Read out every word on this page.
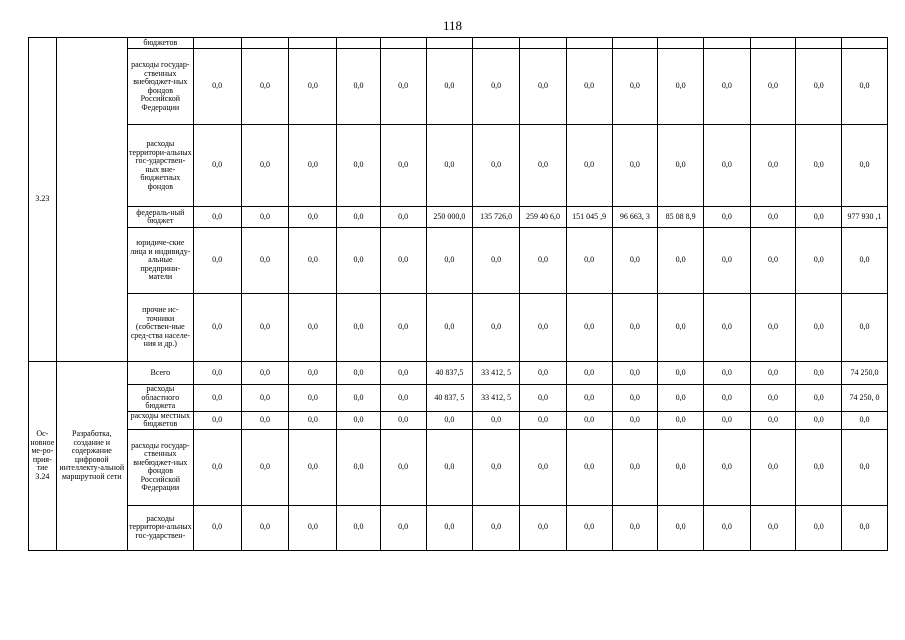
118
3.23		бюджетов															
		расходы государ-ственных внебюджет-ных фондов Российской Федерации	0,0	0,0	0,0	0,0	0,0	0,0	0,0	0,0	0,0	0,0	0,0	0,0	0,0	0,0	0,0
		расходы территори-альных гос-ударствен-ных вне-бюджетных фондов	0,0	0,0	0,0	0,0	0,0	0,0	0,0	0,0	0,0	0,0	0,0	0,0	0,0	0,0	0,0
		федераль-ный бюджет	0,0	0,0	0,0	0,0	0,0	250 000,0	135 726,0	259 40 6,0	151 045 ,9	96 663, 3	85 08 8,9	0,0	0,0	0,0	977 930 ,1
		юридиче-ские лица и индивиду-альные предприни-матели	0,0	0,0	0,0	0,0	0,0	0,0	0,0	0,0	0,0	0,0	0,0	0,0	0,0	0,0	0,0
		прочие ис-точники (собствен-ные сред-ства населе-ния и др.)	0,0	0,0	0,0	0,0	0,0	0,0	0,0	0,0	0,0	0,0	0,0	0,0	0,0	0,0	0,0
Ос-новное ме-ро-прия-тие 3.24	Разработка, создание и содержание цифровой интеллекту-альной маршрутной сети	Всего	0,0	0,0	0,0	0,0	0,0	40 837,5	33 412, 5	0,0	0,0	0,0	0,0	0,0	0,0	0,0	74 250,0
		расходы областного бюджета	0,0	0,0	0,0	0,0	0,0	40 837, 5	33 412, 5	0,0	0,0	0,0	0,0	0,0	0,0	0,0	74 250, 0
		расходы местных бюджетов	0,0	0,0	0,0	0,0	0,0	0,0	0,0	0,0	0,0	0,0	0,0	0,0	0,0	0,0	0,0
		расходы государ-ственных внебюджет-ных фондов Российской Федерации	0,0	0,0	0,0	0,0	0,0	0,0	0,0	0,0	0,0	0,0	0,0	0,0	0,0	0,0	0,0
		расходы территори-альных гос-ударствен-	0,0	0,0	0,0	0,0	0,0	0,0	0,0	0,0	0,0	0,0	0,0	0,0	0,0	0,0	0,0
